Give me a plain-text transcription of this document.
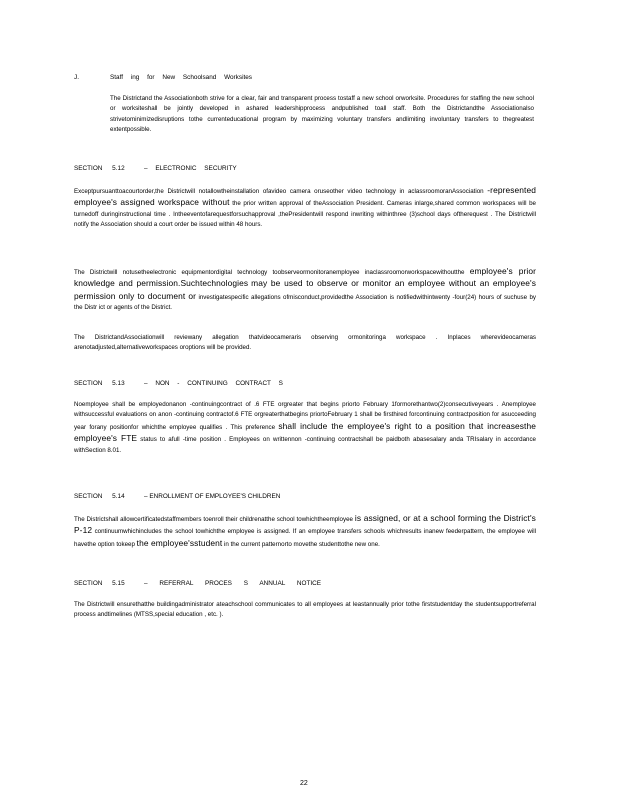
J.	Staff ing for New Schoolsand Worksites

The Districtand the Associationboth strive for a clear, fair and transparent process tostaff a new school orworksite. Procedures for staffing the new school or worksiteshall be jointly developed in ashared leadershipprocess andpublished toall staff. Both the Districtandthe Associationalso strivetominimizedisruptions tothe currenteducational program by maximizing voluntary transfers andlimiting involuntary transfers to thegreatest extentpossible.

SECTION 5.12	– ELECTRONIC SECURITY

Exceptpursuanttoacourtorder,the Districtwill notallowtheinstallation ofavideo camera oruseother video technology in aclassroomoranAssociation -represented employee's assigned workspace without the prior written approval of theAssociation President. Cameras inlarge,shared common workspaces will be turnedoff duringinstructional time . Intheeventofarequestforsuchapproval ,thePresidentwill respond inwriting withinthree (3)school days oftherequest . The Districtwill notify the Association should a court order be issued within 48 hours.

The Districtwill notusetheelectronic equipmentordigital technology toobserveormonitoranemployee inaclassroomorworkspacewithoutthe employee's prior knowledge and permission.Suchtechnologies may be used to observe or monitor an employee without an employee's permission only to document or investigatespecific allegations ofmisconduct,providedthe Association is notifiedwithintwenty -four(24) hours of suchuse by the Distr ict or agents of the District.

The DistrictandAssociationwill reviewany allegation thatvideocameraris observing ormonitoringa workspace . Inplaces wherevideocameras arenotadjusted,alternativeworkspaces oroptions will be provided.

SECTION 5.13	– NON - CONTINUING CONTRACT S

Noemployee shall be employedonanon -continuingcontract of .6 FTE orgreater that begins priorto February 1formorethantwo(2)consecutiveyears . Anemployee withsuccessful evaluations on anon -continuing contractof.6 FTE orgreaterthatbegins priortoFebruary 1 shall be firsthired forcontinuing contractposition for asucceeding year forany positionfor whichthe employee qualifies . This preference shall include the employee's right to a position that increasesthe employee's FTE status to afull -time position . Employees on writtennon -continuing contractshall be paidboth abasesalary anda TRIsalary in accordance withSection 8.01.

SECTION 5.14	– ENROLLMENT OF EMPLOYEE'S CHILDREN

The Districtshall allowcertificatedstaffmembers toenroll their childrenatthe school towhichtheemployee is assigned, or at a school forming the District's P-12 continuumwhichincludes the school towhichthe employee is assigned. If an employee transfers schools whichresults inanew feederpattern, the employee will havethe option tokeep the employee'sstudent in the current patternorto movethe studenttothe new one.

SECTION 5.15	– REFERRAL PROCES S ANNUAL NOTICE

The Districtwill ensurethatthe buildingadministrator ateachschool communicates to all employees at leastannually prior tothe firststudentday the studentsupportreferral process andtimelines (MTSS,special education , etc. ).

22
